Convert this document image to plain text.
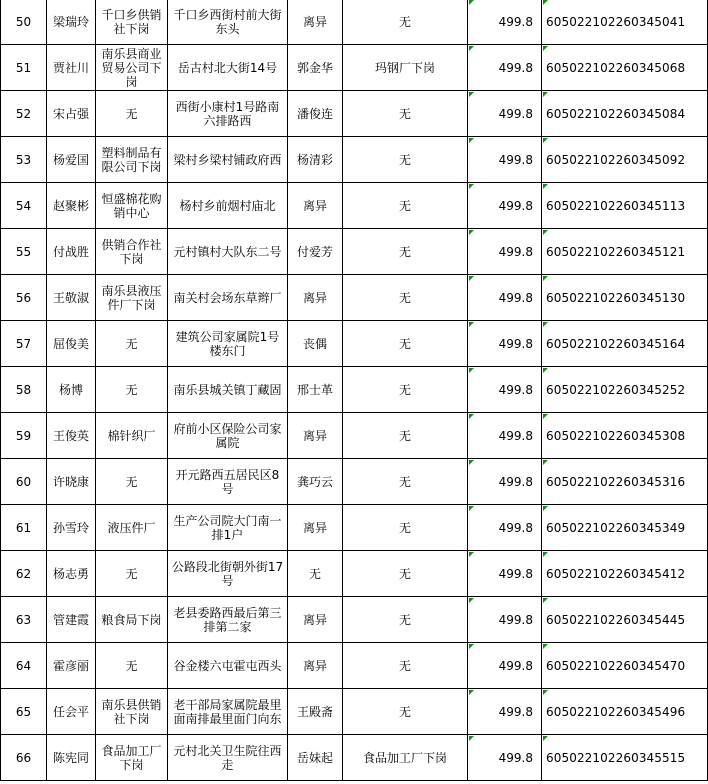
50	梁瑞玲	千口乡供销社下岗	千口乡西街村前大街东头	离异	无	499.8	605022102260345041
51	贾社川	南乐县商业贸易公司下岗	岳古村北大街14号	郭金华	玛钢厂下岗	499.8	605022102260345068
52	宋占强	无	西街小康村1号路南六排路西	潘俊连	无	499.8	605022102260345084
53	杨爱国	塑料制品有限公司下岗	梁村乡梁村铺政府西	杨清彩	无	499.8	605022102260345092
54	赵聚彬	恒盛棉花购销中心	杨村乡前烟村庙北	离异	无	499.8	605022102260345113
55	付战胜	供销合作社下岗	元村镇村大队东二号	付爱芳	无	499.8	605022102260345121
56	王敬淑	南乐县液压件厂下岗	南关村会场东草辫厂	离异	无	499.8	605022102260345130
57	屈俊美	无	建筑公司家属院1号楼东门	丧偶	无	499.8	605022102260345164
58	杨博	无	南乐县城关镇丁藏固	邢士革	无	499.8	605022102260345252
59	王俊英	棉针织厂	府前小区保险公司家属院	离异	无	499.8	605022102260345308
60	许晓康	无	开元路西五居民区8号	龚巧云	无	499.8	605022102260345316
61	孙雪玲	液压件厂	生产公司院大门南一排1户	离异	无	499.8	605022102260345349
62	杨志勇	无	公路段北街朝外街17号	无	无	499.8	605022102260345412
63	管建霞	粮食局下岗	老县委路西最后第三排第二家	离异	无	499.8	605022102260345445
64	霍彦丽	无	谷金楼六屯霍屯西头	离异	无	499.8	605022102260345470
65	任会平	南乐县供销社下岗	老干部局家属院最里面南排最里面门向东	王殿斋	无	499.8	605022102260345496
66	陈宪同	食品加工厂下岗	元村北关卫生院往西走	岳妹起	食品加工厂下岗	499.8	605022102260345515
